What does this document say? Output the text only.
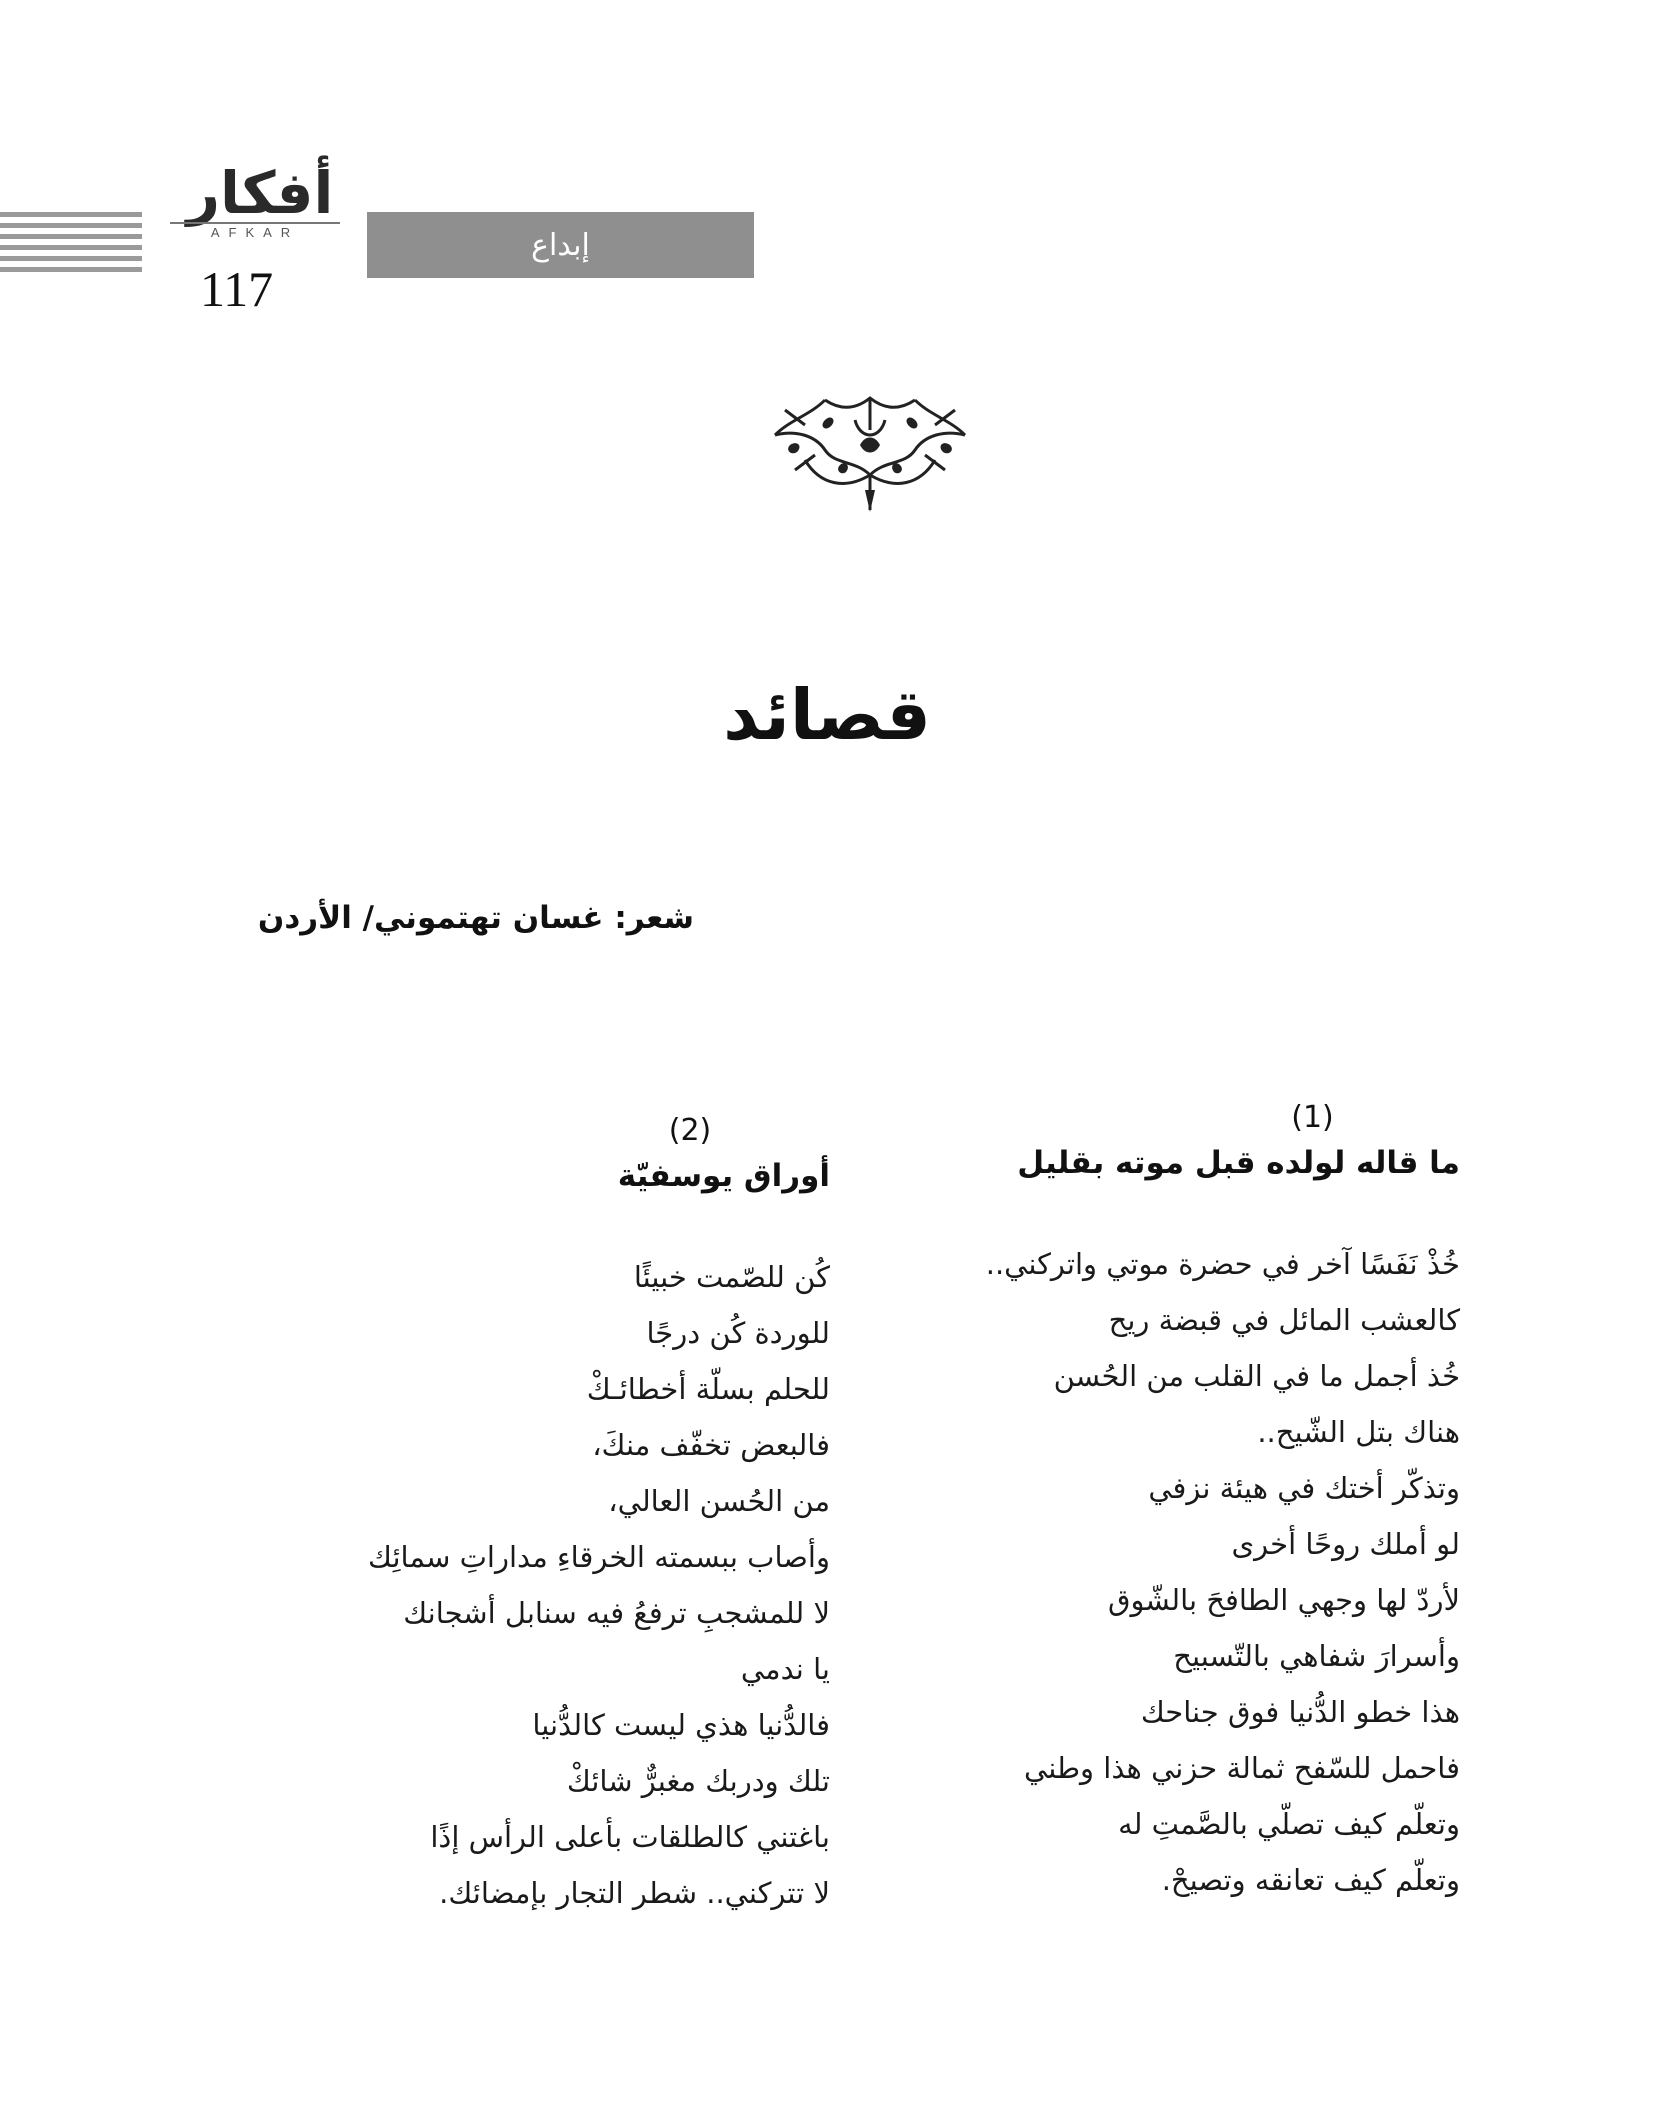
أفكار
AFKAR
117
إبداع
قصائد
شعر: غسان تهتموني/ الأردن
(1)
ما قاله لولده قبل موته بقليل
خُذْ نَفَسًا آخر في حضرة موتي واتركني..
كالعشب المائل في قبضة ريح
خُذ أجمل ما في القلب من الحُسن
هناك بتل الشّيح..
وتذكّر أختك في هيئة نزفي
لو أملك روحًا أخرى
لأردّ لها وجهي الطافحَ بالشّوق
وأسرارَ شفاهي بالتّسبيح
هذا خطو الدُّنيا فوق جناحك
فاحمل للسّفح ثمالة حزني هذا وطني
وتعلّم كيف تصلّي بالصَّمتِ له
وتعلّم كيف تعانقه وتصيحْ.
(2)
أوراق يوسفيّة
كُن للصّمت خبيئًا
للوردة كُن درجًا
للحلم بسلّة أخطائـكْ
فالبعض تخفّف منكَ،
من الحُسن العالي،
وأصاب ببسمته الخرقاءِ مداراتِ سمائِك
لا للمشجبِ ترفعُ فيه سنابل أشجانك
يا ندمي
فالدُّنيا هذي ليست كالدُّنيا
تلك ودربك مغبرٌّ شائكْ
باغتني كالطلقات بأعلى الرأس إذًا
لا تتركني.. شطر التجار بإمضائك.
